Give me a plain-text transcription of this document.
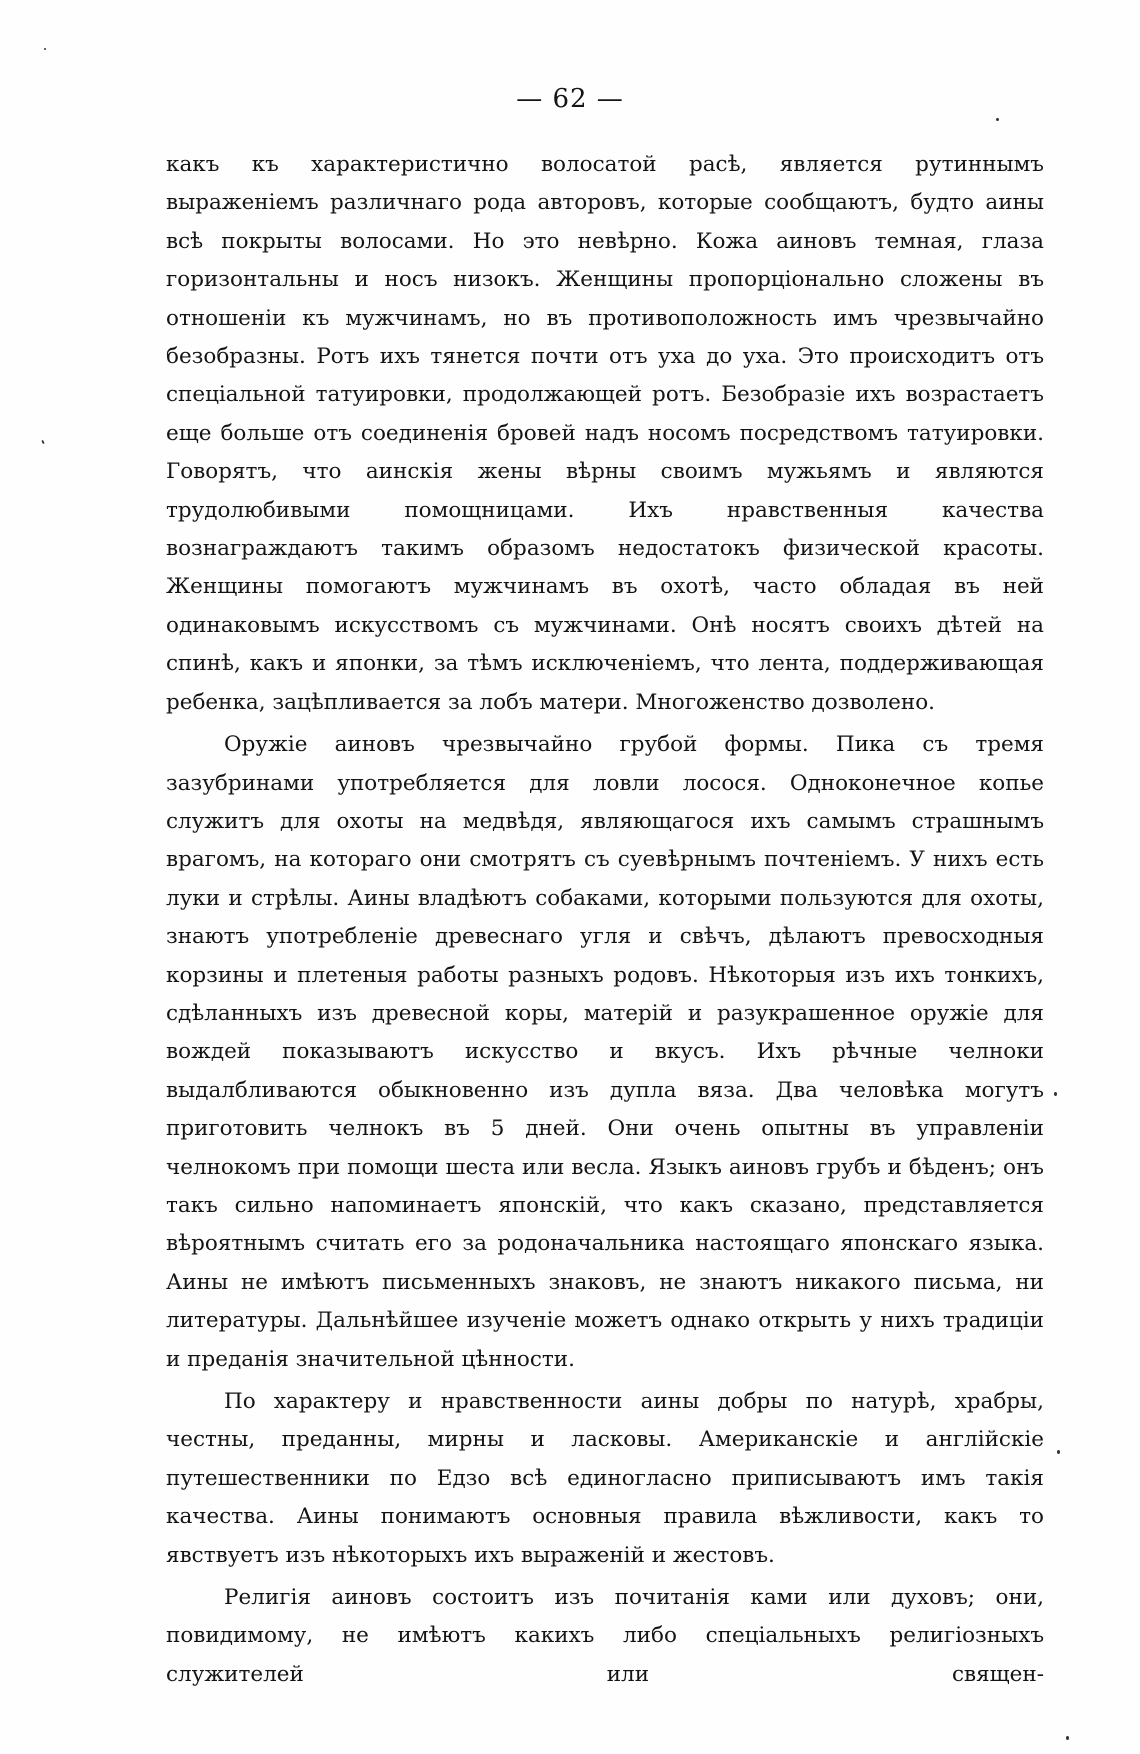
— 62 —

какъ къ характеристично волосатой расѣ, является рутиннымъ выраженіемъ различнаго рода авторовъ, которые сообщаютъ, будто аины всѣ покрыты волосами. Но это невѣрно. Кожа аиновъ темная, глаза горизонтальны и носъ низокъ. Женщины пропорціонально сложены въ отношеніи къ мужчинамъ, но въ противоположность имъ чрезвычайно безобразны. Ротъ ихъ тянется почти отъ уха до уха. Это происходитъ отъ спеціальной татуировки, продолжающей ротъ. Безобразіе ихъ возрастаетъ еще больше отъ соединенія бровей надъ носомъ посредствомъ татуировки. Говорятъ, что аинскія жены вѣрны своимъ мужьямъ и являются трудолюбивыми помощницами. Ихъ нравственныя качества вознаграждаютъ такимъ образомъ недостатокъ физической красоты. Женщины помогаютъ мужчинамъ въ охотѣ, часто обладая въ ней одинаковымъ искусствомъ съ мужчинами. Онѣ носятъ своихъ дѣтей на спинѣ, какъ и японки, за тѣмъ исключеніемъ, что лента, поддерживающая ребенка, зацѣпливается за лобъ матери. Многоженство дозволено.

Оружіе аиновъ чрезвычайно грубой формы. Пика съ тремя зазубринами употребляется для ловли лосося. Одноконечное копье служитъ для охоты на медвѣдя, являющагося ихъ самымъ страшнымъ врагомъ, на котораго они смотрятъ съ суевѣрнымъ почтеніемъ. У нихъ есть луки и стрѣлы. Аины владѣютъ собаками, которыми пользуются для охоты, знаютъ употребленіе древеснаго угля и свѣчъ, дѣлаютъ превосходныя корзины и плетеныя работы разныхъ родовъ. Нѣкоторыя изъ ихъ тонкихъ, сдѣланныхъ изъ древесной коры, матерій и разукрашенное оружіе для вождей показываютъ искусство и вкусъ. Ихъ рѣчные челноки выдалбливаются обыкновенно изъ дупла вяза. Два человѣка могутъ приготовить челнокъ въ 5 дней. Они очень опытны въ управленіи челнокомъ при помощи шеста или весла. Языкъ аиновъ грубъ и бѣденъ; онъ такъ сильно напоминаетъ японскій, что какъ сказано, представляется вѣроятнымъ считать его за родоначальника настоящаго японскаго языка. Аины не имѣютъ письменныхъ знаковъ, не знаютъ никакого письма, ни литературы. Дальнѣйшее изученіе можетъ однако открыть у нихъ традиціи и преданія значительной цѣнности.

По характеру и нравственности аины добры по натурѣ, храбры, честны, преданны, мирны и ласковы. Американскіе и англійскіе путешественники по Едзо всѣ единогласно приписываютъ имъ такія качества. Аины понимаютъ основныя правила вѣжливости, какъ то явствуетъ изъ нѣкоторыхъ ихъ выраженій и жестовъ.

Религія аиновъ состоитъ изъ почитанія ками или духовъ; они, повидимому, не имѣютъ какихъ либо спеціальныхъ религіозныхъ служителей или священ-
